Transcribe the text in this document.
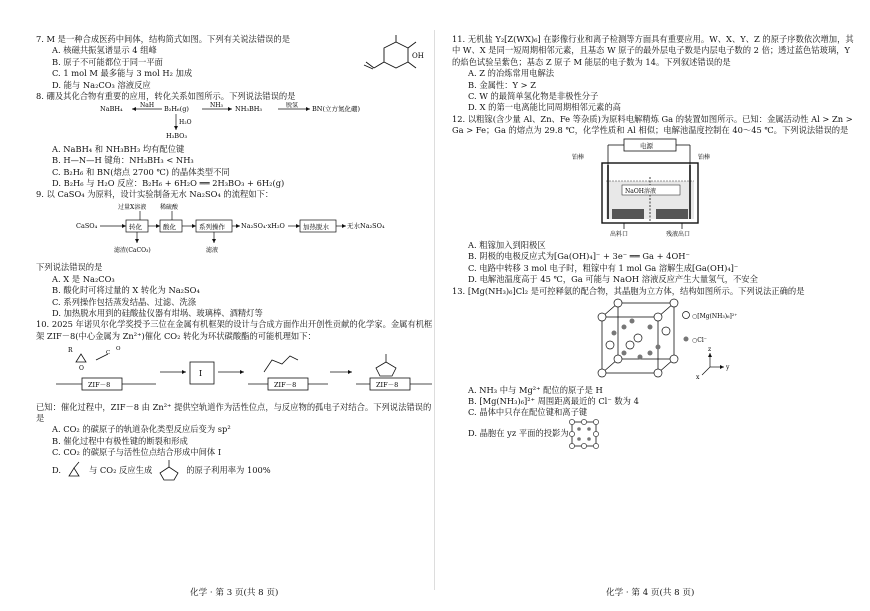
7. M 是一种合成医药中间体，结构简式如图。下列有关说法错误的是
A. 核磁共振氢谱显示 4 组峰
B. 原子不可能都位于同一平面
C. 1 mol M 最多能与 3 mol H₂ 加成
D. 能与 Na₂CO₃ 溶液反应
OH
8. 硼及其化合物有重要的应用，转化关系如图所示。下列说法错误的是
NaBH₄	NaH B₂H₆(g)	NH₃ NH₃BH₃	脱氢 BN(立方氮化硼)
H₂O
H₃BO₃
A. NaBH₄ 和 NH₃BH₃ 均有配位键
B. H—N—H 键角：NH₃BH₃ < NH₃
C. B₂H₆ 和 BN(熔点 2700 ℃) 的晶体类型不同
D. B₂H₆ 与 H₂O 反应：B₂H₆ + 6H₂O ══ 2H₃BO₃ + 6H₂(g)
9. 以 CaSO₄ 为原料，设计实验制备无水 Na₂SO₄ 的流程如下：
过量X溶液 稀硫酸
CaSO₄	转化	酸化	系列操作 Na₂SO₄·xH₂O	加热脱水	无水Na₂SO₄
滤渣(CaCO₃)	滤液
下列说法错误的是
A. X 是 Na₂CO₃
B. 酸化时可将过量的 X 转化为 Na₂SO₄
C. 系列操作包括蒸发结晶、过滤、洗涤
D. 加热脱水用到的硅酸盐仪器有坩埚、玻璃棒、酒精灯等
10. 2025 年诺贝尔化学奖授予三位在金属有机框架的设计与合成方面作出开创性贡献的化学家。金属有机框架 ZIF－8(中心金属为 Zn²⁺)催化 CO₂ 转化为环状碳酸酯的可能机理如下：
R
O
C
O
ZIF－8
I
ZIF－8	ZIF－8
已知：催化过程中，ZIF－8 由 Zn²⁺ 提供空轨道作为活性位点，与反应物的孤电子对结合。下列说法错误的是
A. CO₂ 的碳原子的轨道杂化类型反应后变为 sp²
B. 催化过程中有极性键的断裂和形成
C. CO₂ 的碳原子与活性位点结合形成中间体 I
D.	与 CO₂ 反应生成	的原子利用率为 100%
化学 · 第 3 页(共 8 页)
11. 无机盐 Y₂[Z(WX)₆] 在影像行业和离子检测等方面具有重要应用。W、X、Y、Z 的原子序数依次增加，其中 W、X 是同一短周期相邻元素，且基态 W 原子的最外层电子数是内层电子数的 2 倍；透过蓝色钴玻璃，Y 的焰色试验呈紫色；基态 Z 原子 M 能层的电子数为 14。下列叙述错误的是
A. Z 的冶炼常用电解法
B. 金属性：Y > Z
C. W 的最简单氢化物是非极性分子
D. X 的第一电离能比同周期相邻元素的高
12. 以粗镓(含少量 Al、Zn、Fe 等杂质)为原料电解精炼 Ga 的装置如图所示。已知：金属活动性 Al > Zn > Ga > Fe；Ga 的熔点为 29.8 ℃，化学性质和 Al 相似；电解池温度控制在 40～45 ℃。下列说法错误的是
电源
铂棒	铂棒
NaOH溶液
出料口	残液出口
A. 粗镓加入到阳极区
B. 阴极的电极反应式为[Ga(OH)₄]⁻ + 3e⁻ ══ Ga + 4OH⁻
C. 电路中转移 3 mol 电子时，粗镓中有 1 mol Ga 溶解生成[Ga(OH)₄]⁻
D. 电解池温度高于 45 ℃，Ga 可能与 NaOH 溶液反应产生大量氢气，不安全
13. [Mg(NH₃)₆]Cl₂ 是可控释氨的配合物，其晶胞为立方体，结构如图所示。下列说法正确的是
○[Mg(NH₃)₆]²⁺
○Cl⁻
z
x
y
A. NH₃ 中与 Mg²⁺ 配位的原子是 H
B. [Mg(NH₃)₆]²⁺ 周围距离最近的 Cl⁻ 数为 4
C. 晶体中只存在配位键和离子键
D. 晶胞在 yz 平面的投影为
化学 · 第 4 页(共 8 页)
